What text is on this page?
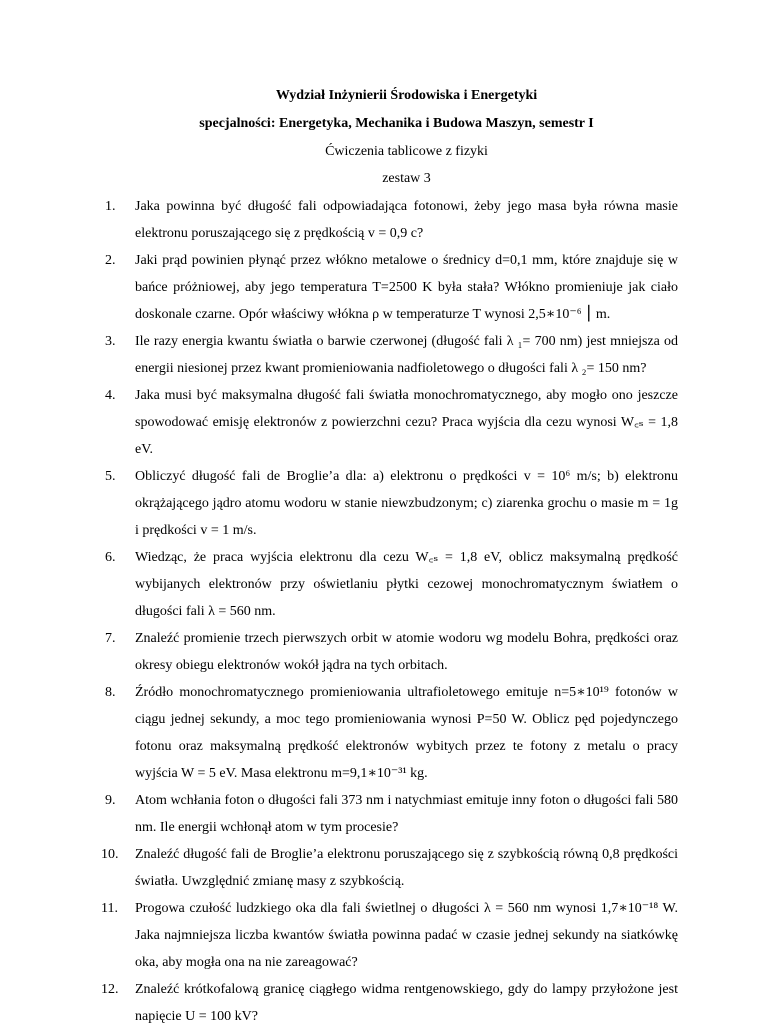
Wydział Inżynierii Środowiska i Energetyki
specjalności: Energetyka, Mechanika i Budowa Maszyn, semestr I
Ćwiczenia tablicowe z fizyki
zestaw 3
1. Jaka powinna być długość fali odpowiadająca fotonowi, żeby jego masa była równa masie elektronu poruszającego się z prędkością v = 0,9 c?
2. Jaki prąd powinien płynąć przez włókno metalowe o średnicy d=0,1 mm, które znajduje się w bańce próżniowej, aby jego temperatura T=2500 K była stała? Włókno promieniuje jak ciało doskonale czarne. Opór właściwy włókna ρ w temperaturze T wynosi 2,5∗10⁻⁶ ⎮ m.
3. Ile razy energia kwantu światła o barwie czerwonej (długość fali λ ₁= 700 nm) jest mniejsza od energii niesionej przez kwant promieniowania nadfioletowego o długości fali λ ₂= 150 nm?
4. Jaka musi być maksymalna długość fali światła monochromatycznego, aby mogło ono jeszcze spowodować emisję elektronów z powierzchni cezu? Praca wyjścia dla cezu wynosi W꜀ₛ = 1,8 eV.
5. Obliczyć długość fali de Broglie’a dla: a) elektronu o prędkości v = 10⁶ m/s; b) elektronu okrążającego jądro atomu wodoru w stanie niewzbudzonym; c) ziarenka grochu o masie m = 1g i prędkości v = 1 m/s.
6. Wiedząc, że praca wyjścia elektronu dla cezu W꜀ₛ = 1,8 eV, oblicz maksymalną prędkość wybijanych elektronów przy oświetlaniu płytki cezowej monochromatycznym światłem o długości fali λ = 560 nm.
7. Znaleźć promienie trzech pierwszych orbit w atomie wodoru wg modelu Bohra, prędkości oraz okresy obiegu elektronów wokół jądra na tych orbitach.
8. Źródło monochromatycznego promieniowania ultrafioletowego emituje n=5∗10¹⁹ fotonów w ciągu jednej sekundy, a moc tego promieniowania wynosi P=50 W. Oblicz pęd pojedynczego fotonu oraz maksymalną prędkość elektronów wybitych przez te fotony z metalu o pracy wyjścia W = 5 eV. Masa elektronu m=9,1∗10⁻³¹ kg.
9. Atom wchłania foton o długości fali 373 nm i natychmiast emituje inny foton o długości fali 580 nm. Ile energii wchłonął atom w tym procesie?
10. Znaleźć długość fali de Broglie’a elektronu poruszającego się z szybkością równą 0,8 prędkości światła. Uwzględnić zmianę masy z szybkością.
11. Progowa czułość ludzkiego oka dla fali świetlnej o długości λ = 560 nm wynosi 1,7∗10⁻¹⁸ W. Jaka najmniejsza liczba kwantów światła powinna padać w czasie jednej sekundy na siatkówkę oka, aby mogła ona na nie zareagować?
12. Znaleźć krótkofalową granicę ciągłego widma rentgenowskiego, gdy do lampy przyłożone jest napięcie U = 100 kV?
